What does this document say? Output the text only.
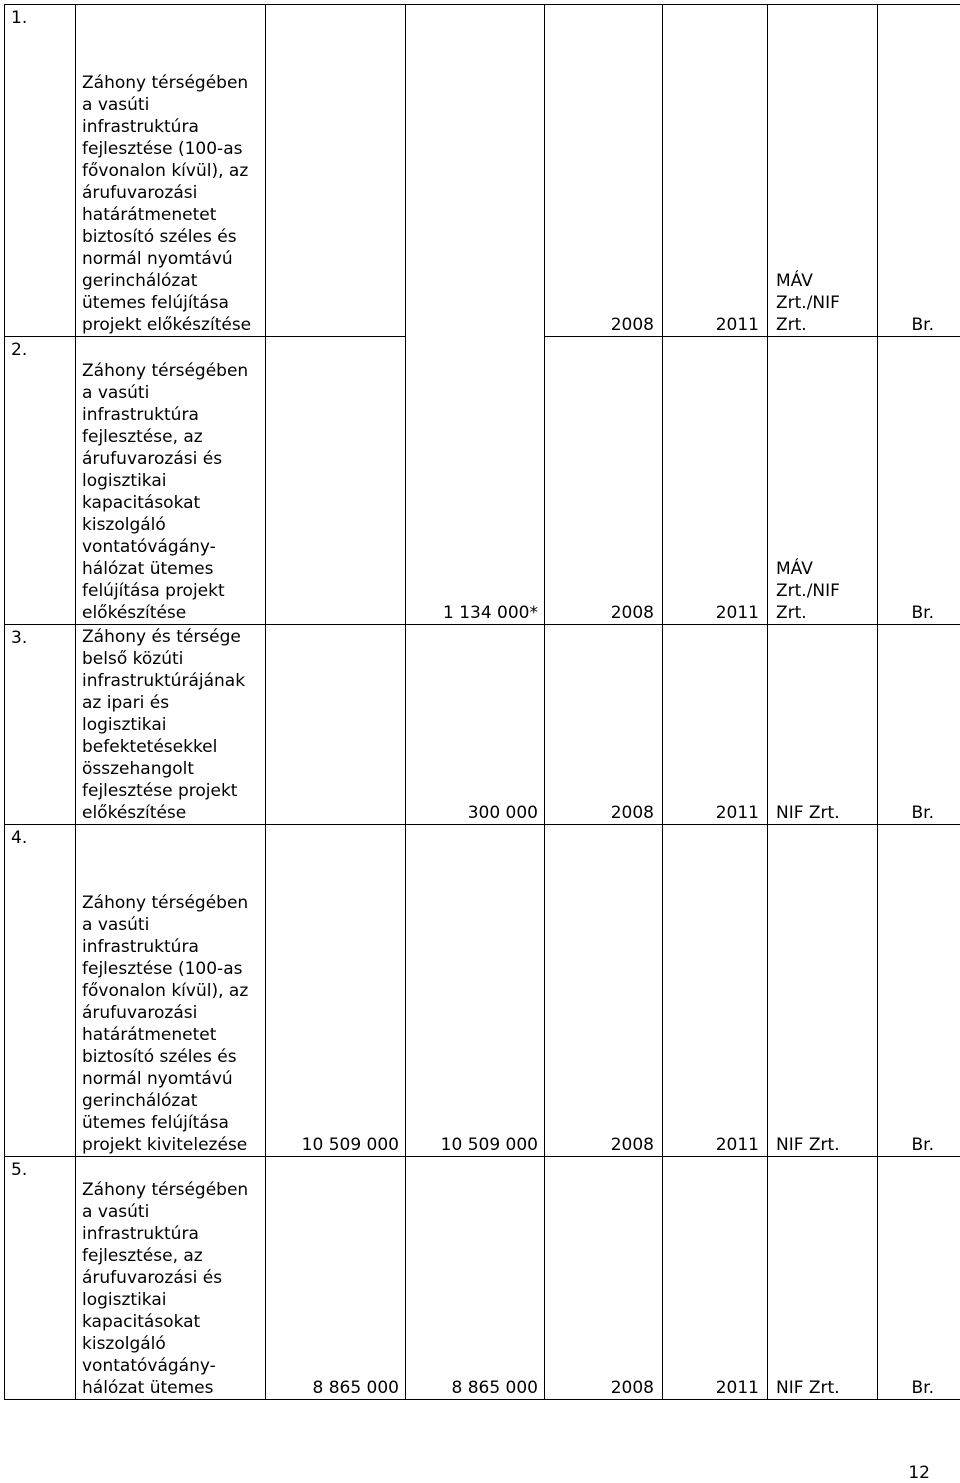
1.	Záhony térségében a vasúti infrastruktúra fejlesztése (100-as fővonalon kívül), az árufuvarozási határátmenetet biztosító széles és normál nyomtávú gerinchálózat ütemes felújítása projekt előkészítése		1 134 000*	2008	2011	MÁV Zrt./NIF Zrt.	Br.

2.	Záhony térségében a vasúti infrastruktúra fejlesztése, az árufuvarozási és logisztikai kapacitásokat kiszolgáló vontatóvágány-hálózat ütemes felújítása projekt előkészítése			2008	2011	MÁV Zrt./NIF Zrt.	Br.

3.	Záhony és térsége belső közúti infrastruktúrájának az ipari és logisztikai befektetésekkel összehangolt fejlesztése projekt előkészítése		300 000	2008	2011	NIF Zrt.	Br.

4.	Záhony térségében a vasúti infrastruktúra fejlesztése (100-as fővonalon kívül), az árufuvarozási határátmenetet biztosító széles és normál nyomtávú gerinchálózat ütemes felújítása projekt kivitelezése	10 509 000	10 509 000	2008	2011	NIF Zrt.	Br.

5.	Záhony térségében a vasúti infrastruktúra fejlesztése, az árufuvarozási és logisztikai kapacitásokat kiszolgáló vontatóvágány-hálózat ütemes	8 865 000	8 865 000	2008	2011	NIF Zrt.	Br.
12
